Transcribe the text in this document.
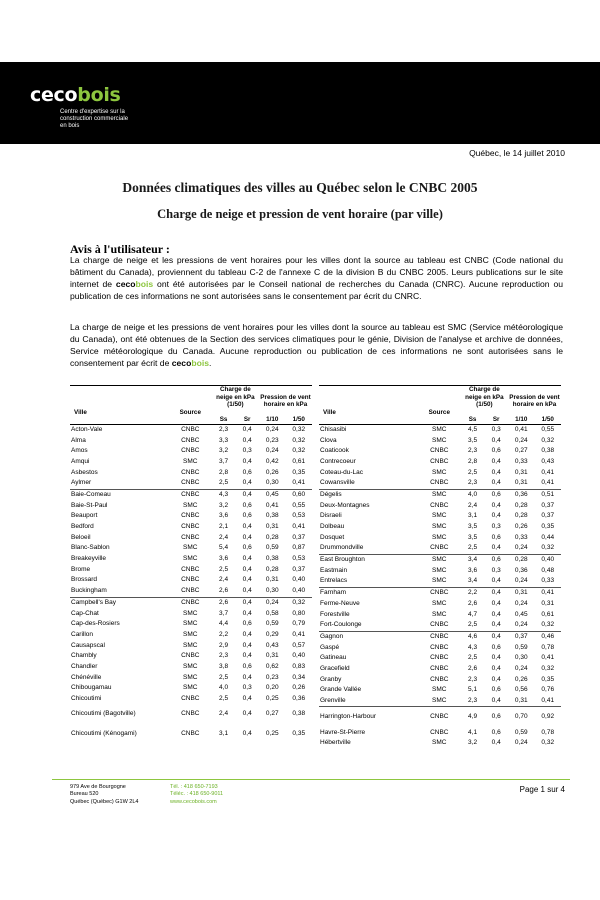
cecobois
Centre d'expertise sur la construction commerciale en bois
Québec, le 14 juillet 2010
Données climatiques des villes au Québec selon le CNBC 2005
Charge de neige et pression de vent horaire (par ville)
Avis à l'utilisateur :
La charge de neige et les pressions de vent horaires pour les villes dont la source au tableau est CNBC (Code national du bâtiment du Canada), proviennent du tableau C-2 de l'annexe C de la division B du CNBC 2005. Leurs publications sur le site internet de cecobois ont été autorisées par le Conseil national de recherches du Canada (CNRC). Aucune reproduction ou publication de ces informations ne sont autorisées sans le consentement par écrit du CNRC.
La charge de neige et les pressions de vent horaires pour les villes dont la source au tableau est SMC (Service météorologique du Canada), ont été obtenues de la Section des services climatiques pour le génie, Division de l'analyse et archive de données, Service météorologique du Canada. Aucune reproduction ou publication de ces informations ne sont autorisées sans le consentement par écrit de cecobois.
		Charge de neige en kPa (1/50)		Pression de vent horaire en kPa	
Ville	Source				
		Ss	Sr	1/10	1/50
Acton-Vale	CNBC	2,3	0,4	0,24	0,32
Alma	CNBC	3,3	0,4	0,23	0,32
Amos	CNBC	3,2	0,3	0,24	0,32
Amqui	SMC	3,7	0,4	0,42	0,61
Asbestos	CNBC	2,8	0,6	0,26	0,35
Aylmer	CNBC	2,5	0,4	0,30	0,41
Baie-Comeau	CNBC	4,3	0,4	0,45	0,60
Baie-St-Paul	SMC	3,2	0,6	0,41	0,55
Beauport	CNBC	3,6	0,6	0,38	0,53
Bedford	CNBC	2,1	0,4	0,31	0,41
Beloeil	CNBC	2,4	0,4	0,28	0,37
Blanc-Sablon	SMC	5,4	0,6	0,59	0,87
Breakeyville	SMC	3,6	0,4	0,38	0,53
Brome	CNBC	2,5	0,4	0,28	0,37
Brossard	CNBC	2,4	0,4	0,31	0,40
Buckingham	CNBC	2,6	0,4	0,30	0,40
Campbell's Bay	CNBC	2,6	0,4	0,24	0,32
Cap-Chat	SMC	3,7	0,4	0,58	0,80
Cap-des-Rosiers	SMC	4,4	0,6	0,59	0,79
Carillon	SMC	2,2	0,4	0,29	0,41
Causapscal	SMC	2,9	0,4	0,43	0,57
Chambly	CNBC	2,3	0,4	0,31	0,40
Chandler	SMC	3,8	0,6	0,62	0,83
Chénéville	SMC	2,5	0,4	0,23	0,34
Chibougamau	SMC	4,0	0,3	0,20	0,26
Chicoutimi	CNBC	2,5	0,4	0,25	0,36
Chicoutimi (Bagotville)	CNBC	2,4	0,4	0,27	0,38
Chicoutimi (Kénogami)	CNBC	3,1	0,4	0,25	0,35
		Charge de neige en kPa (1/50)		Pression de vent horaire en kPa	
Ville	Source				
		Ss	Sr	1/10	1/50
Chisasibi	SMC	4,5	0,3	0,41	0,55
Clova	SMC	3,5	0,4	0,24	0,32
Coaticook	CNBC	2,3	0,6	0,27	0,38
Contrecoeur	CNBC	2,8	0,4	0,33	0,43
Coteau-du-Lac	SMC	2,5	0,4	0,31	0,41
Cowansville	CNBC	2,3	0,4	0,31	0,41
Dégelis	SMC	4,0	0,6	0,36	0,51
Deux-Montagnes	CNBC	2,4	0,4	0,28	0,37
Disraeli	SMC	3,1	0,4	0,28	0,37
Dolbeau	SMC	3,5	0,3	0,26	0,35
Dosquet	SMC	3,5	0,6	0,33	0,44
Drummondville	CNBC	2,5	0,4	0,24	0,32
East Broughton	SMC	3,4	0,6	0,28	0,40
Eastmain	SMC	3,6	0,3	0,36	0,48
Entrelacs	SMC	3,4	0,4	0,24	0,33
Farnham	CNBC	2,2	0,4	0,31	0,41
Ferme-Neuve	SMC	2,6	0,4	0,24	0,31
Forestville	SMC	4,7	0,4	0,45	0,61
Fort-Coulonge	CNBC	2,5	0,4	0,24	0,32
Gagnon	CNBC	4,6	0,4	0,37	0,46
Gaspé	CNBC	4,3	0,6	0,59	0,78
Gatineau	CNBC	2,5	0,4	0,30	0,41
Gracefield	CNBC	2,6	0,4	0,24	0,32
Granby	CNBC	2,3	0,4	0,26	0,35
Grande Vallée	SMC	5,1	0,6	0,56	0,76
Grenville	SMC	2,3	0,4	0,31	0,41
Harrington-Harbour	CNBC	4,9	0,6	0,70	0,92
Havre-St-Pierre	CNBC	4,1	0,6	0,59	0,78
Hébertville	SMC	3,2	0,4	0,24	0,32
979 Ave de Bourgogne
Bureau 520
Québec (Québec) G1W 2L4
Tél. : 418 650-7193
Téléc. : 418 650-9011
www.cecobois.com
Page 1 sur 4
